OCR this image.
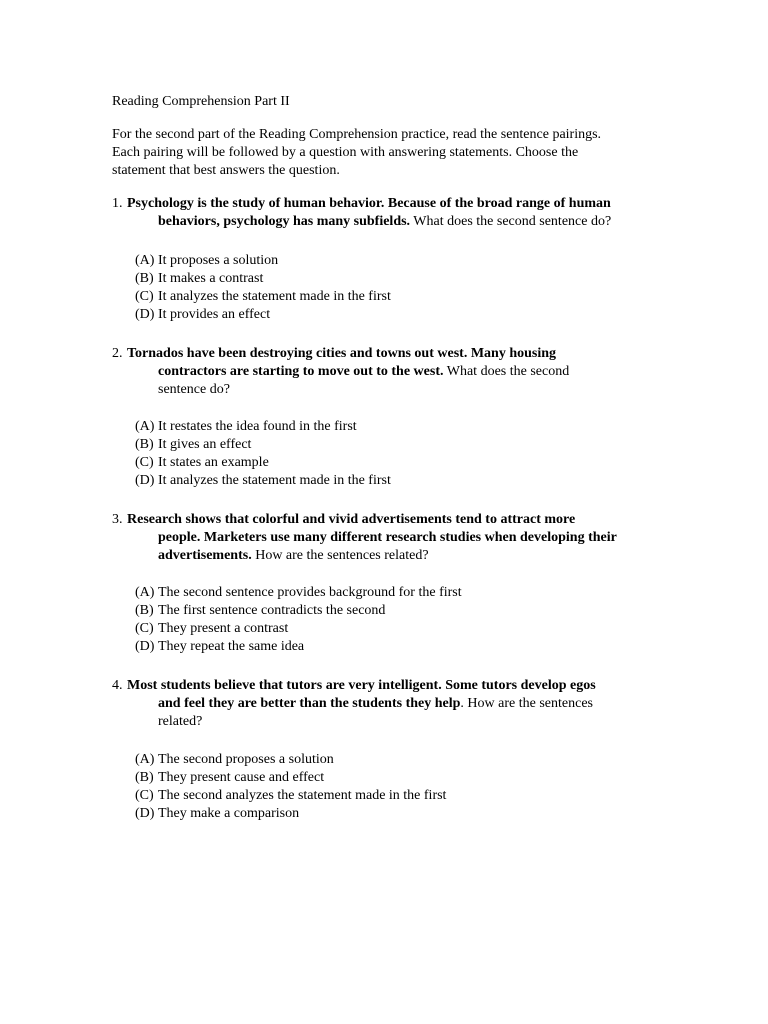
Reading Comprehension Part II
For the second part of the Reading Comprehension practice, read the sentence pairings.
Each pairing will be followed by a question with answering statements. Choose the
statement that best answers the question.
1. Psychology is the study of human behavior. Because of the broad range of human
behaviors, psychology has many subfields. What does the second sentence do?
(A) It proposes a solution
(B) It makes a contrast
(C) It analyzes the statement made in the first
(D) It provides an effect
2. Tornados have been destroying cities and towns out west. Many housing
contractors are starting to move out to the west. What does the second
sentence do?
(A) It restates the idea found in the first
(B) It gives an effect
(C) It states an example
(D) It analyzes the statement made in the first
3. Research shows that colorful and vivid advertisements tend to attract more
people. Marketers use many different research studies when developing their
advertisements. How are the sentences related?
(A) The second sentence provides background for the first
(B) The first sentence contradicts the second
(C) They present a contrast
(D) They repeat the same idea
4. Most students believe that tutors are very intelligent. Some tutors develop egos
and feel they are better than the students they help. How are the sentences
related?
(A) The second proposes a solution
(B) They present cause and effect
(C) The second analyzes the statement made in the first
(D) They make a comparison
